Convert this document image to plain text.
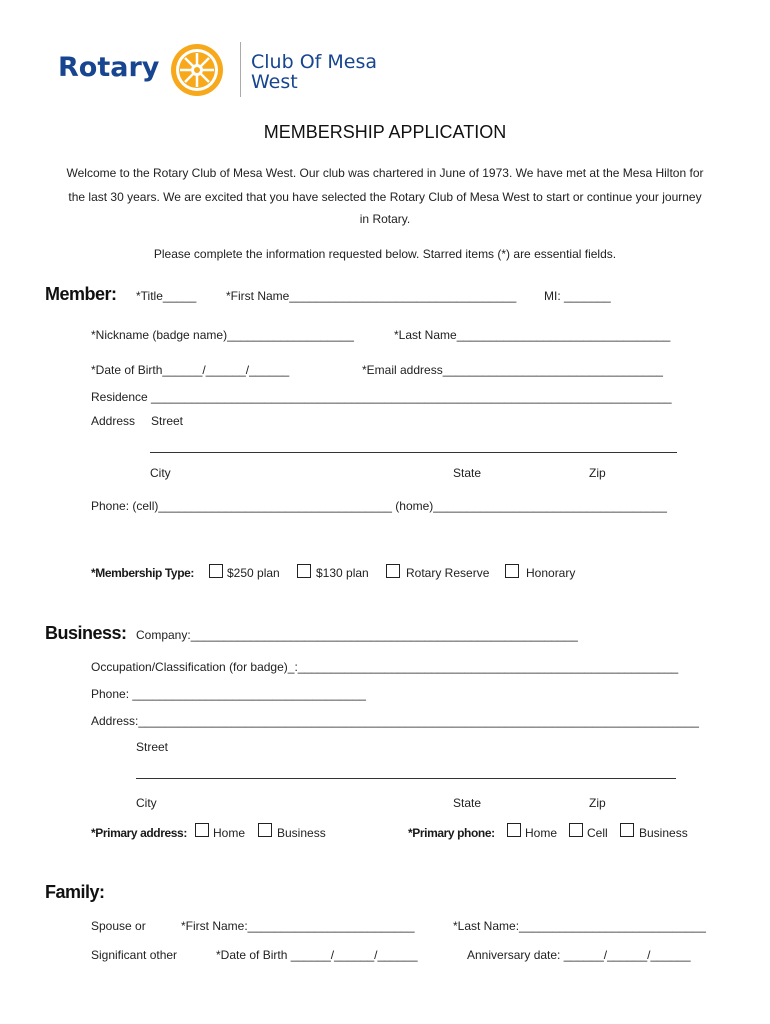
Rotary	Club Of Mesa
West
MEMBERSHIP APPLICATION
Welcome to the Rotary Club of Mesa West. Our club was chartered in June of 1973. We have met at the Mesa Hilton for
the last 30 years. We are excited that you have selected the Rotary Club of Mesa West to start or continue your journey
in Rotary.
Please complete the information requested below. Starred items (*) are essential fields.
Member: *Title_____ *First Name__________________________________ MI: _______
*Nickname (badge name)___________________	*Last Name________________________________
*Date of Birth______/______/______	*Email address_________________________________
Residence ______________________________________________________________________________
Address Street
City	State	Zip
Phone: (cell)___________________________________ (home)___________________________________
*Membership Type:	$250 plan	$130 plan	Rotary Reserve	Honorary
Business: Company:__________________________________________________________
Occupation/Classification (for badge)_:_________________________________________________________
Phone: ___________________________________
Address:____________________________________________________________________________________
Street
City	State	Zip
*Primary address: Home	Business	*Primary phone:	Home Cell	Business
Family:
Spouse or	*First Name:_________________________	*Last Name:____________________________
Significant other	*Date of Birth ______/______/______	Anniversary date: ______/______/______
